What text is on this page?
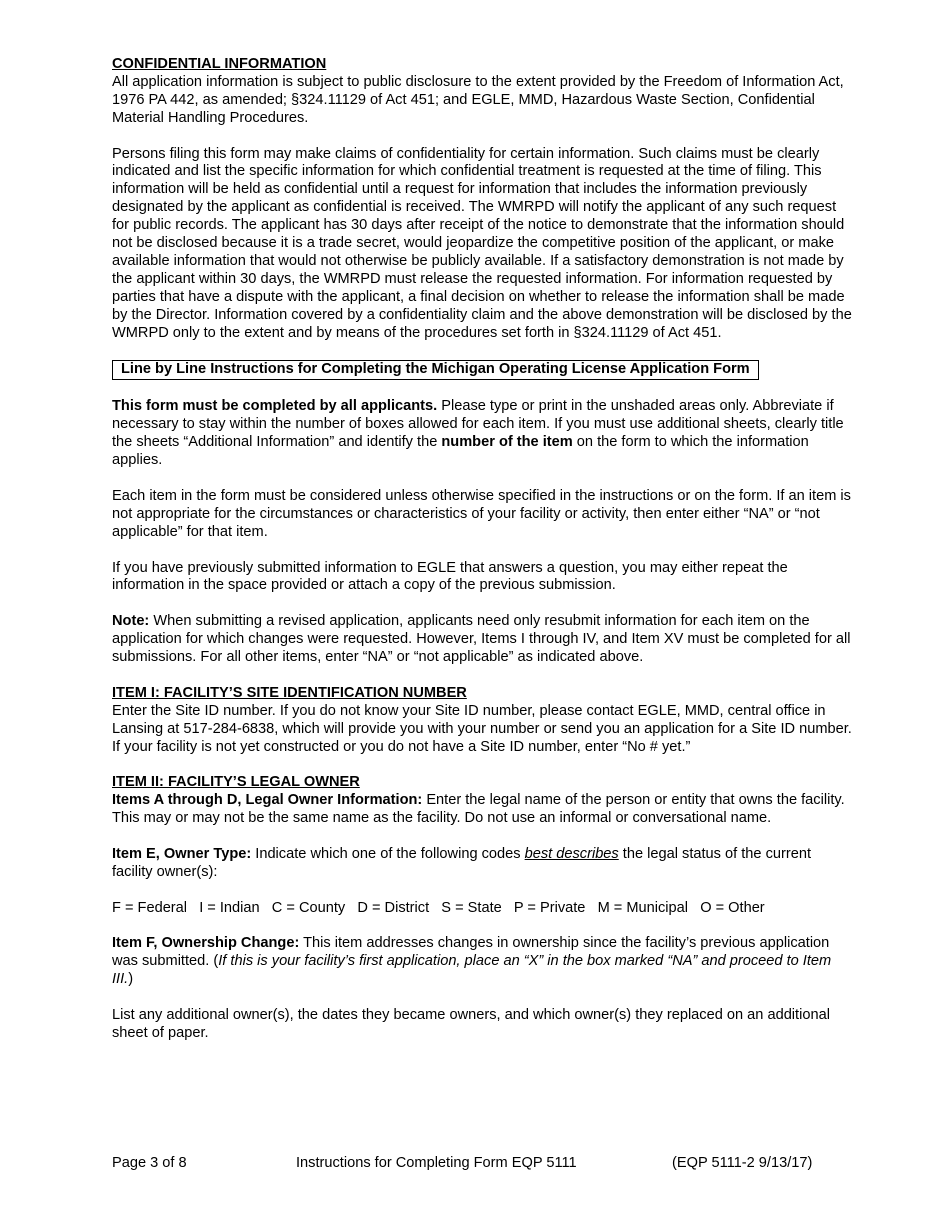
CONFIDENTIAL INFORMATION

All application information is subject to public disclosure to the extent provided by the Freedom of Information Act, 1976 PA 442, as amended; §324.11129 of Act 451; and EGLE, MMD, Hazardous Waste Section, Confidential Material Handling Procedures.

Persons filing this form may make claims of confidentiality for certain information. Such claims must be clearly indicated and list the specific information for which confidential treatment is requested at the time of filing. This information will be held as confidential until a request for information that includes the information previously designated by the applicant as confidential is received. The WMRPD will notify the applicant of any such request for public records. The applicant has 30 days after receipt of the notice to demonstrate that the information should not be disclosed because it is a trade secret, would jeopardize the competitive position of the applicant, or make available information that would not otherwise be publicly available. If a satisfactory demonstration is not made by the applicant within 30 days, the WMRPD must release the requested information. For information requested by parties that have a dispute with the applicant, a final decision on whether to release the information shall be made by the Director. Information covered by a confidentiality claim and the above demonstration will be disclosed by the WMRPD only to the extent and by means of the procedures set forth in §324.11129 of Act 451.

Line by Line Instructions for Completing the Michigan Operating License Application Form

This form must be completed by all applicants. Please type or print in the unshaded areas only. Abbreviate if necessary to stay within the number of boxes allowed for each item. If you must use additional sheets, clearly title the sheets “Additional Information” and identify the number of the item on the form to which the information applies.

Each item in the form must be considered unless otherwise specified in the instructions or on the form. If an item is not appropriate for the circumstances or characteristics of your facility or activity, then enter either “NA” or “not applicable” for that item.

If you have previously submitted information to EGLE that answers a question, you may either repeat the information in the space provided or attach a copy of the previous submission.

Note: When submitting a revised application, applicants need only resubmit information for each item on the application for which changes were requested. However, Items I through IV, and Item XV must be completed for all submissions. For all other items, enter “NA” or “not applicable” as indicated above.

ITEM I: FACILITY’S SITE IDENTIFICATION NUMBER

Enter the Site ID number. If you do not know your Site ID number, please contact EGLE, MMD, central office in Lansing at 517-284-6838, which will provide you with your number or send you an application for a Site ID number. If your facility is not yet constructed or you do not have a Site ID number, enter “No # yet.”

ITEM II: FACILITY’S LEGAL OWNER

Items A through D, Legal Owner Information: Enter the legal name of the person or entity that owns the facility. This may or may not be the same name as the facility. Do not use an informal or conversational name.

Item E, Owner Type: Indicate which one of the following codes best describes the legal status of the current facility owner(s):

F = Federal   I = Indian   C = County   D = District   S = State   P = Private   M = Municipal   O = Other

Item F, Ownership Change: This item addresses changes in ownership since the facility’s previous application was submitted. (If this is your facility’s first application, place an “X” in the box marked “NA” and proceed to Item III.)

List any additional owner(s), the dates they became owners, and which owner(s) they replaced on an additional sheet of paper.

Page 3 of 8	Instructions for Completing Form EQP 5111	(EQP 5111-2 9/13/17)
